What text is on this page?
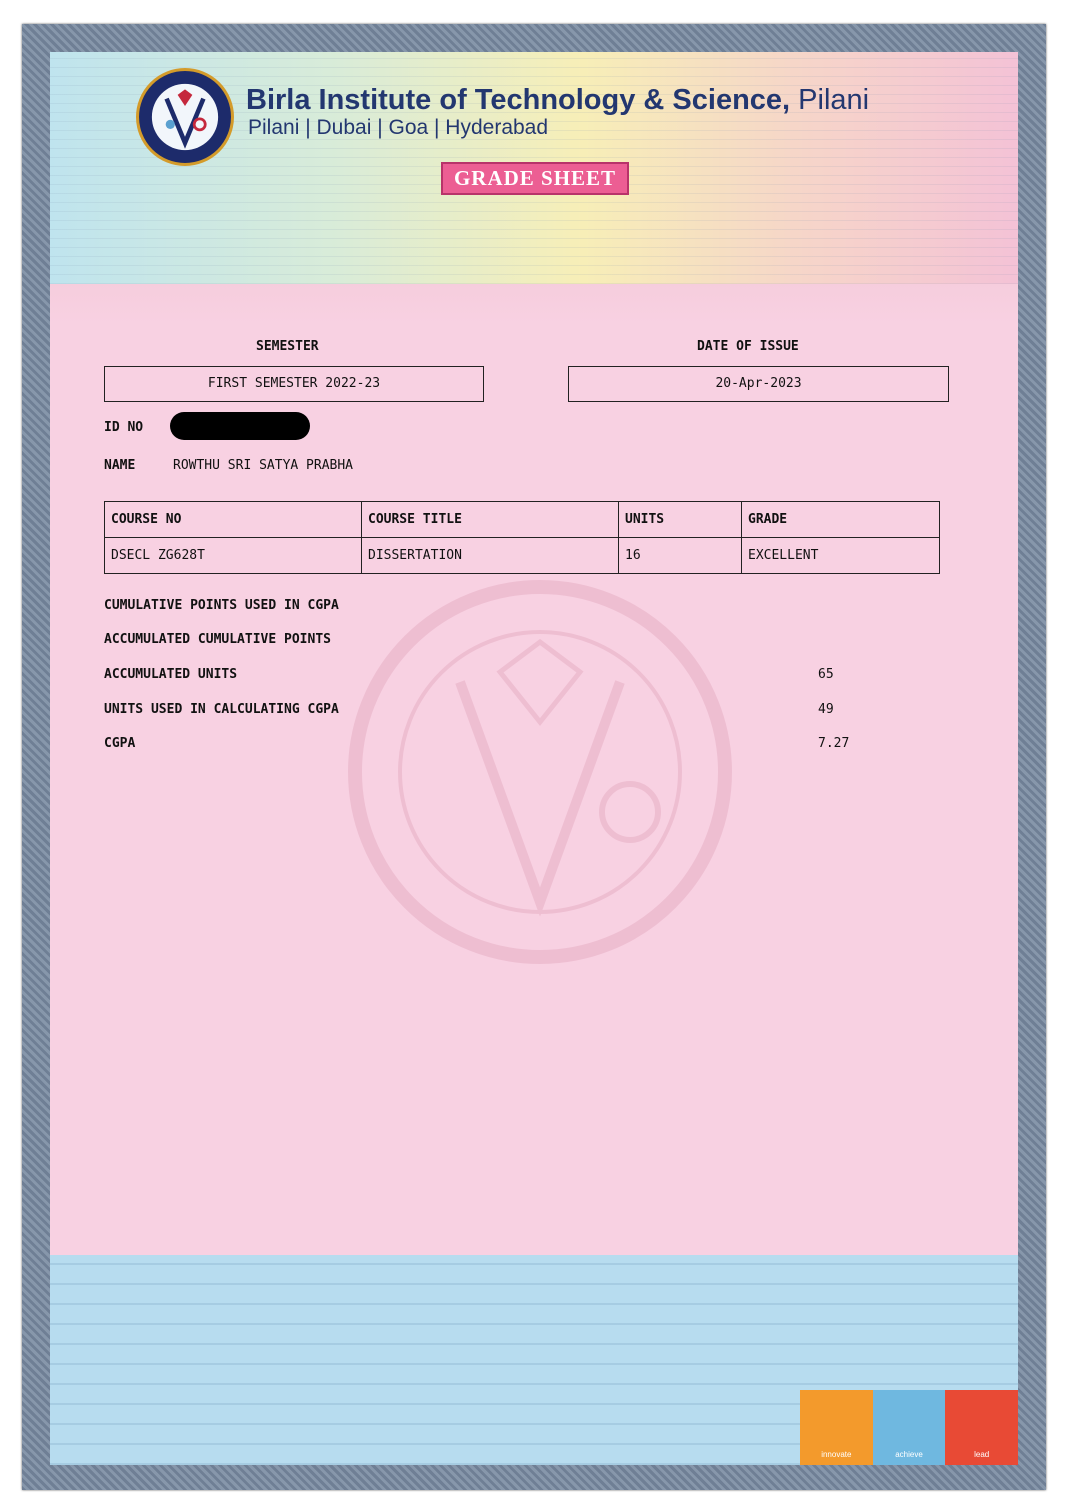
Birla Institute of Technology & Science, Pilani
Pilani | Dubai | Goa | Hyderabad
GRADE SHEET
SEMESTER
FIRST SEMESTER 2022-23
DATE OF ISSUE
20-Apr-2023
ID NO
NAME	ROWTHU SRI SATYA PRABHA
COURSE NO	COURSE TITLE	UNITS	GRADE
DSECL ZG628T	DISSERTATION	16	EXCELLENT
CUMULATIVE POINTS USED IN CGPA
ACCUMULATED CUMULATIVE POINTS
ACCUMULATED UNITS	65
UNITS USED IN CALCULATING CGPA	49
CGPA	7.27
innovate	achieve	lead
